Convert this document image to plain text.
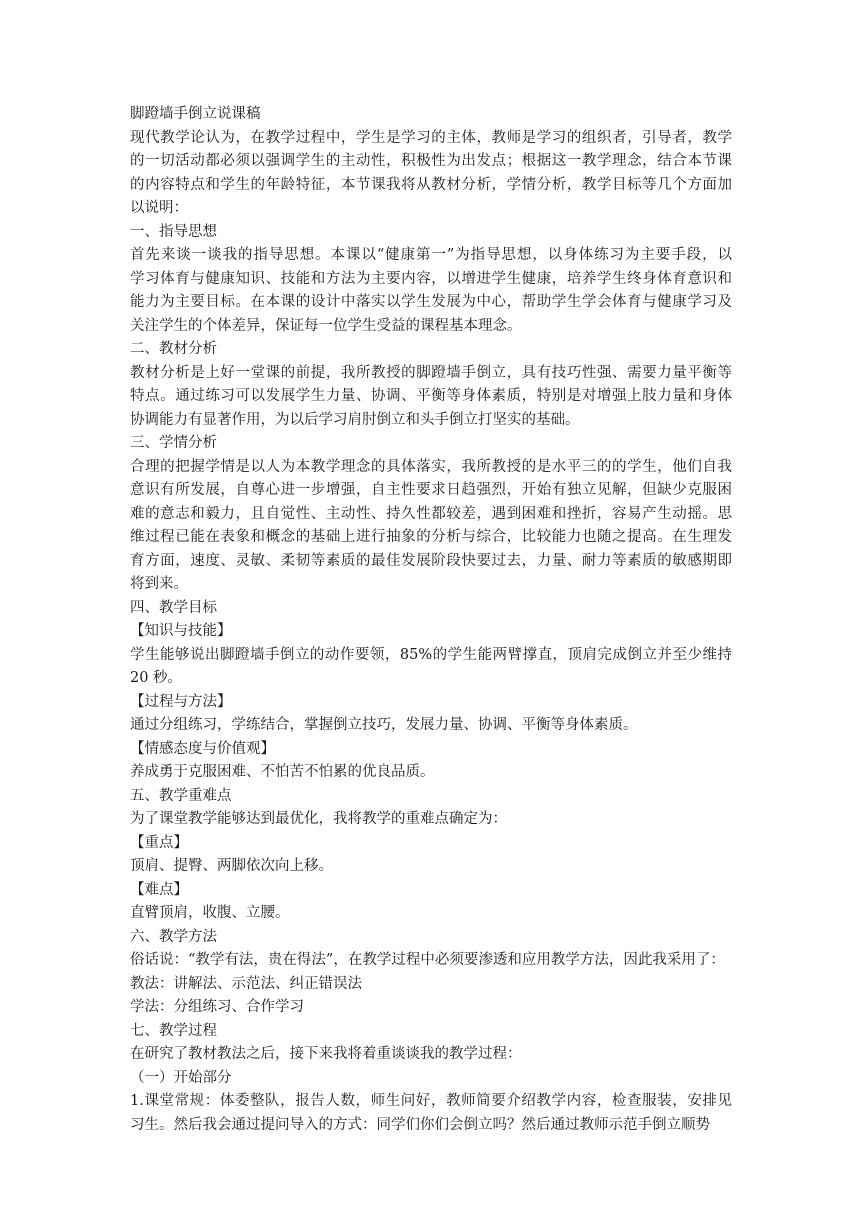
脚蹬墙手倒立说课稿
现代教学论认为，在教学过程中，学生是学习的主体，教师是学习的组织者，引导者，教学
的一切活动都必须以强调学生的主动性，积极性为出发点；根据这一教学理念，结合本节课
的内容特点和学生的年龄特征，本节课我将从教材分析，学情分析，教学目标等几个方面加
以说明：
一、指导思想
首先来谈一谈我的指导思想。本课以“健康第一”为指导思想，以身体练习为主要手段，以
学习体育与健康知识、技能和方法为主要内容，以增进学生健康，培养学生终身体育意识和
能力为主要目标。在本课的设计中落实以学生发展为中心，帮助学生学会体育与健康学习及
关注学生的个体差异，保证每一位学生受益的课程基本理念。
二、教材分析
教材分析是上好一堂课的前提，我所教授的脚蹬墙手倒立，具有技巧性强、需要力量平衡等
特点。通过练习可以发展学生力量、协调、平衡等身体素质，特别是对增强上肢力量和身体
协调能力有显著作用，为以后学习肩肘倒立和头手倒立打坚实的基础。
三、学情分析
合理的把握学情是以人为本教学理念的具体落实，我所教授的是水平三的的学生，他们自我
意识有所发展，自尊心进一步增强，自主性要求日趋强烈，开始有独立见解，但缺少克服困
难的意志和毅力，且自觉性、主动性、持久性都较差，遇到困难和挫折，容易产生动摇。思
维过程已能在表象和概念的基础上进行抽象的分析与综合，比较能力也随之提高。在生理发
育方面，速度、灵敏、柔韧等素质的最佳发展阶段快要过去，力量、耐力等素质的敏感期即
将到来。
四、教学目标
【知识与技能】
学生能够说出脚蹬墙手倒立的动作要领，85%的学生能两臂撑直，顶肩完成倒立并至少维持
20 秒。
【过程与方法】
通过分组练习，学练结合，掌握倒立技巧，发展力量、协调、平衡等身体素质。
【情感态度与价值观】
养成勇于克服困难、不怕苦不怕累的优良品质。
五、教学重难点
为了课堂教学能够达到最优化，我将教学的重难点确定为：
【重点】
顶肩、提臀、两脚依次向上移。
【难点】
直臂顶肩，收腹、立腰。
六、教学方法
俗话说：“教学有法，贵在得法”，在教学过程中必须要渗透和应用教学方法，因此我采用了：
教法：讲解法、示范法、纠正错误法
学法：分组练习、合作学习
七、教学过程
在研究了教材教法之后，接下来我将着重谈谈我的教学过程：
（一）开始部分
1.课堂常规：体委整队，报告人数，师生问好，教师简要介绍教学内容，检查服装，安排见
习生。然后我会通过提问导入的方式：同学们你们会倒立吗？然后通过教师示范手倒立顺势
